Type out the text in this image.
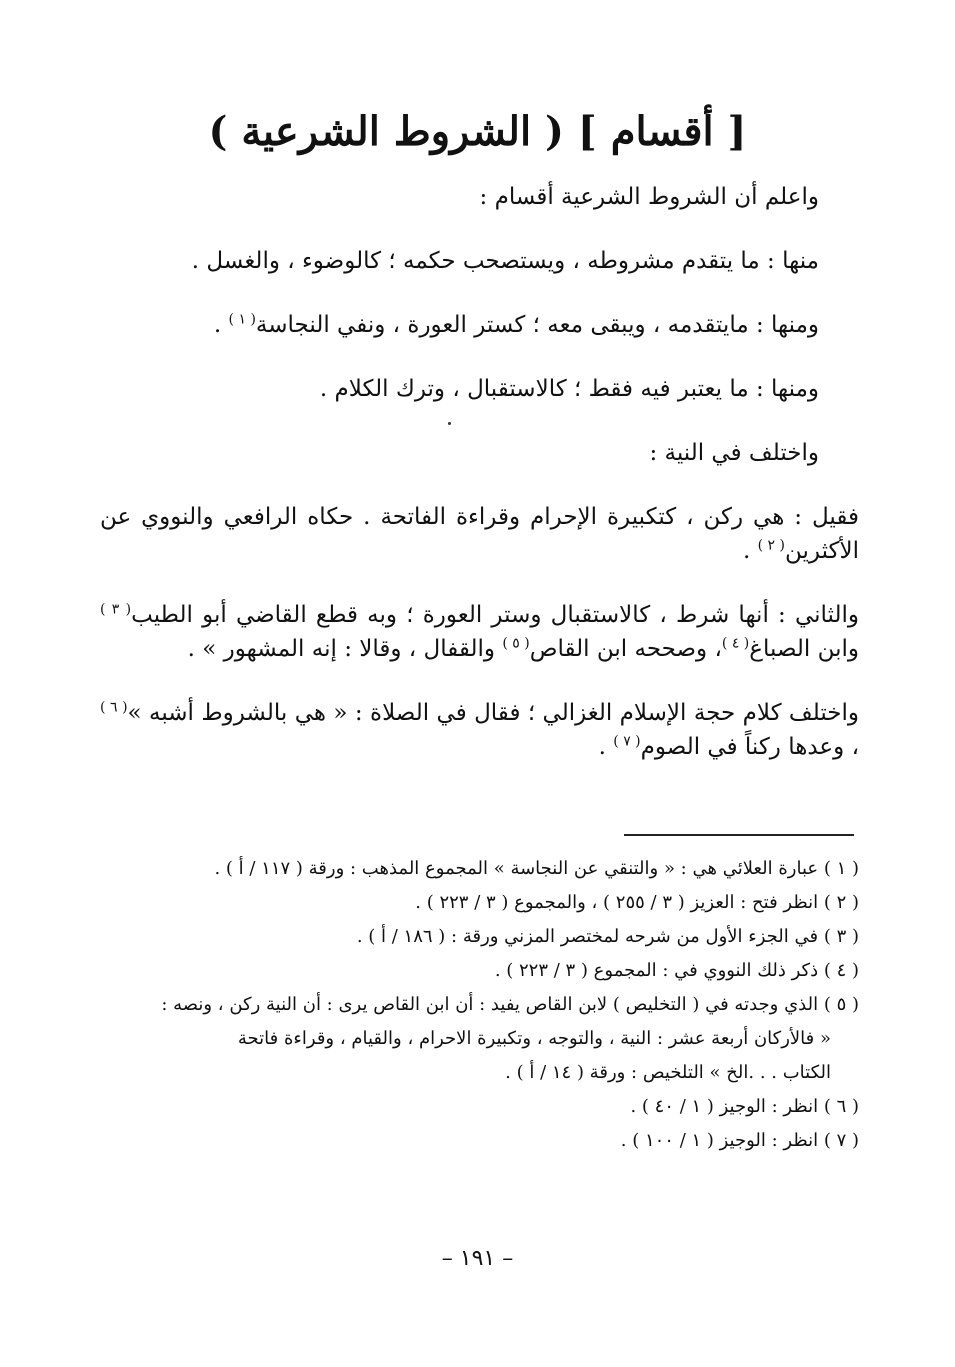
[ أقسام ] ( الشروط الشرعية )

واعلم أن الشروط الشرعية أقسام :

منها : ما يتقدم مشروطه ، ويستصحب حكمه ؛ كالوضوء ، والغسل .

ومنها : مايتقدمه ، ويبقى معه ؛ كستر العورة ، ونفي النجاسة$^{( ١ )}$ .

ومنها : ما يعتبر فيه فقط ؛ كالاستقبال ، وترك الكلام .

واختلف في النية :

فقيل : هي ركن ، كتكبيرة الإحرام وقراءة الفاتحة . حكاه الرافعي والنووي عن الأكثرين$^{( ٢ )}$ .

والثاني : أنها شرط ، كالاستقبال وستر العورة ؛ وبه قطع القاضي أبو الطيب$^{( ٣ )}$ وابن الصباغ$^{( ٤ )}$، وصححه ابن القاص$^{( ٥ )}$ والقفال ، وقالا : إنه المشهور » .

واختلف كلام حجة الإسلام الغزالي ؛ فقال في الصلاة : « هي بالشروط أشبه »$^{( ٦ )}$ ، وعدها ركناً في الصوم$^{( ٧ )}$ .

( ١ ) عبارة العلائي هي : « والتنقي عن النجاسة » المجموع المذهب : ورقة ( ١١٧ / أ ) .

( ٢ ) انظر فتح : العزيز ( ٣ / ٢٥٥ ) ، والمجموع ( ٣ / ٢٢٣ ) .

( ٣ ) في الجزء الأول من شرحه لمختصر المزني ورقة : ( ١٨٦ / أ ) .

( ٤ ) ذكر ذلك النووي في : المجموع ( ٣ / ٢٢٣ ) .

( ٥ ) الذي وجدته في ( التخليص ) لابن القاص يفيد : أن ابن القاص يرى : أن النية ركن ، ونصه :

« فالأركان أربعة عشر : النية ، والتوجه ، وتكبيرة الاحرام ، والقيام ، وقراءة فاتحة

الكتاب . . .الخ » التلخيص : ورقة ( ١٤ / أ ) .

( ٦ ) انظر : الوجيز ( ١ / ٤٠ ) .

( ٧ ) انظر : الوجيز ( ١ / ١٠٠ ) .

– ١٩١ –
